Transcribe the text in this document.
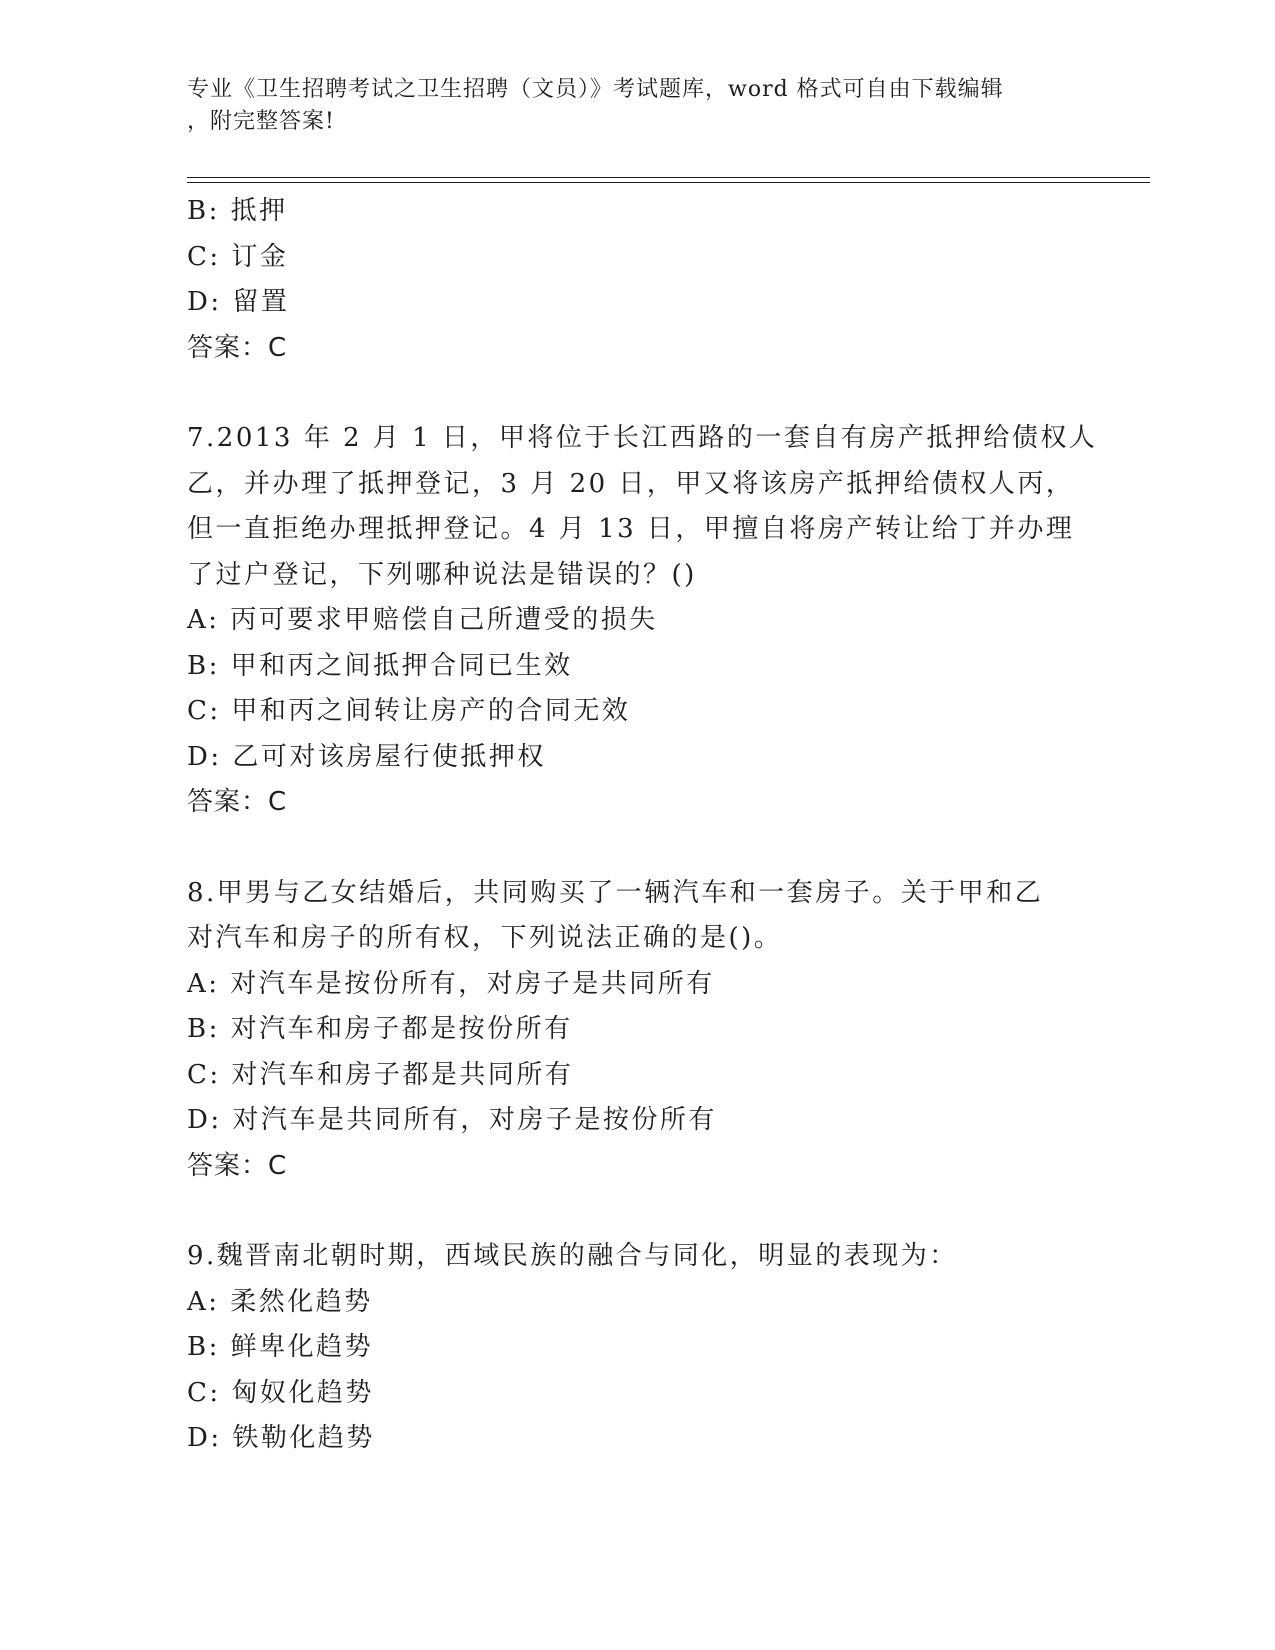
专业《卫生招聘考试之卫生招聘（文员）》考试题库，word 格式可自由下载编辑
，附完整答案!
B: 抵押
C: 订金
D: 留置
答案：C
7.2013 年 2 月 1 日，甲将位于长江西路的一套自有房产抵押给债权人
乙，并办理了抵押登记，3 月 20 日，甲又将该房产抵押给债权人丙，
但一直拒绝办理抵押登记。4 月 13 日，甲擅自将房产转让给丁并办理
了过户登记，下列哪种说法是错误的？()
A: 丙可要求甲赔偿自己所遭受的损失
B: 甲和丙之间抵押合同已生效
C: 甲和丙之间转让房产的合同无效
D: 乙可对该房屋行使抵押权
答案：C
8.甲男与乙女结婚后，共同购买了一辆汽车和一套房子。关于甲和乙
对汽车和房子的所有权，下列说法正确的是()。
A: 对汽车是按份所有，对房子是共同所有
B: 对汽车和房子都是按份所有
C: 对汽车和房子都是共同所有
D: 对汽车是共同所有，对房子是按份所有
答案：C
9.魏晋南北朝时期，西域民族的融合与同化，明显的表现为：
A: 柔然化趋势
B: 鲜卑化趋势
C: 匈奴化趋势
D: 铁勒化趋势
